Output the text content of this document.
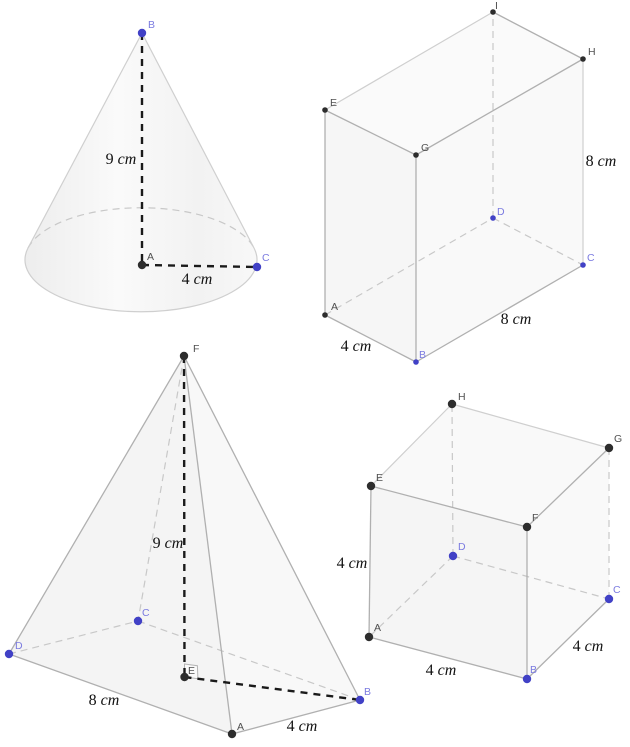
B
A	C
9 cm
4 cm
A
B
C
D
E
G
H
I
4 cm
8 cm
8 cm
F
D
C
E
A
B
9 cm
8 cm
4 cm
A
B
C
D
E
F
G
H
4 cm
4 cm
4 cm
